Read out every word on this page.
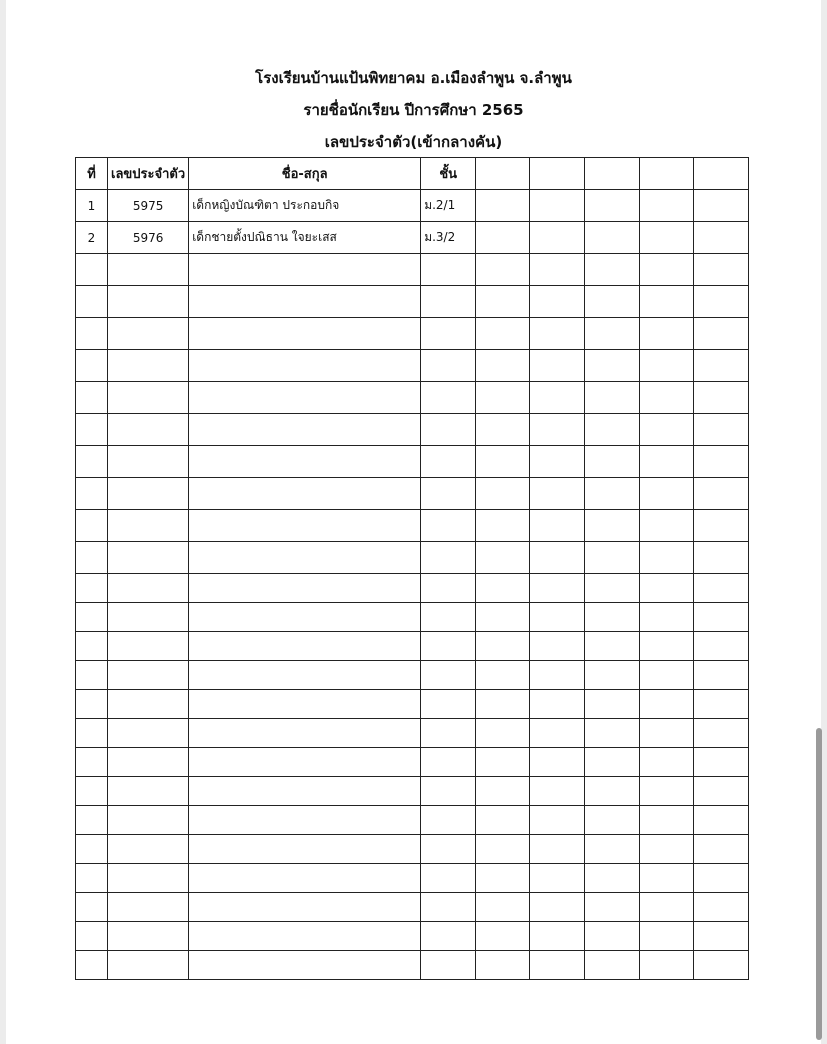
โรงเรียนบ้านแป้นพิทยาคม อ.เมืองลำพูน จ.ลำพูน
รายชื่อนักเรียน ปีการศึกษา 2565
เลขประจำตัว(เข้ากลางคัน)
ที่	เลขประจำตัว	ชื่อ-สกุล	ชั้น					
1	5975	เด็กหญิงบัณฑิตา ประกอบกิจ	ม.2/1					
2	5976	เด็กชายตั้งปณิธาน ใจยะเสส	ม.3/2					
